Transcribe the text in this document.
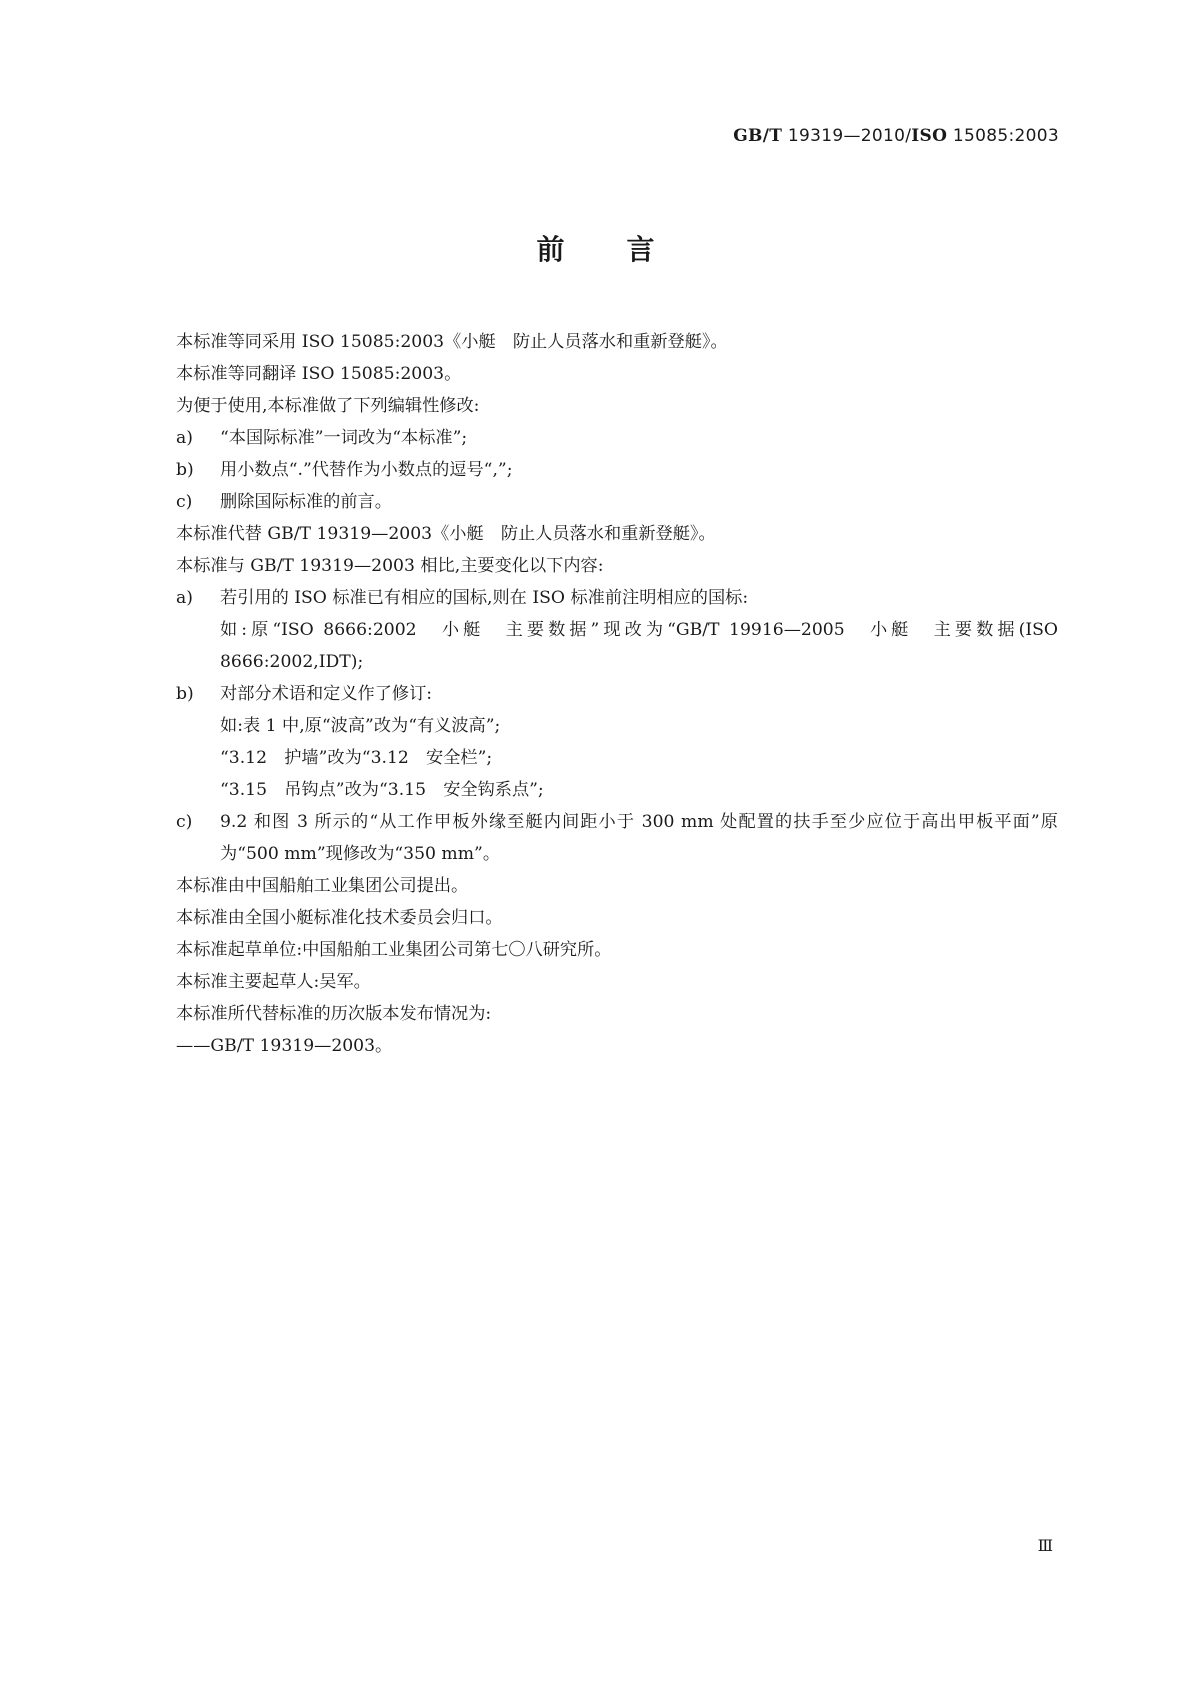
GB/T 19319—2010/ISO 15085:2003
前言
本标准等同采用 ISO 15085:2003《小艇　防止人员落水和重新登艇》。
本标准等同翻译 ISO 15085:2003。
为便于使用,本标准做了下列编辑性修改:
a)	“本国际标准”一词改为“本标准”;
b)	用小数点“.”代替作为小数点的逗号“,”;
c)	删除国际标准的前言。
本标准代替 GB/T 19319—2003《小艇　防止人员落水和重新登艇》。
本标准与 GB/T 19319—2003 相比,主要变化以下内容:
a)	若引用的 ISO 标准已有相应的国标,则在 ISO 标准前注明相应的国标:
如:原“ISO 8666:2002　小艇　主要数据”现改为“GB/T 19916—2005　小艇　主要数据(ISO 8666:2002,IDT);
b)	对部分术语和定义作了修订:
如:表 1 中,原“波高”改为“有义波高”;
“3.12　护墙”改为“3.12　安全栏”;
“3.15　吊钩点”改为“3.15　安全钩系点”;
c)	9.2 和图 3 所示的“从工作甲板外缘至艇内间距小于 300 mm 处配置的扶手至少应位于高出甲板平面”原为“500 mm”现修改为“350 mm”。
本标准由中国船舶工业集团公司提出。
本标准由全国小艇标准化技术委员会归口。
本标准起草单位:中国船舶工业集团公司第七〇八研究所。
本标准主要起草人:吴军。
本标准所代替标准的历次版本发布情况为:
——GB/T 19319—2003。
Ⅲ
